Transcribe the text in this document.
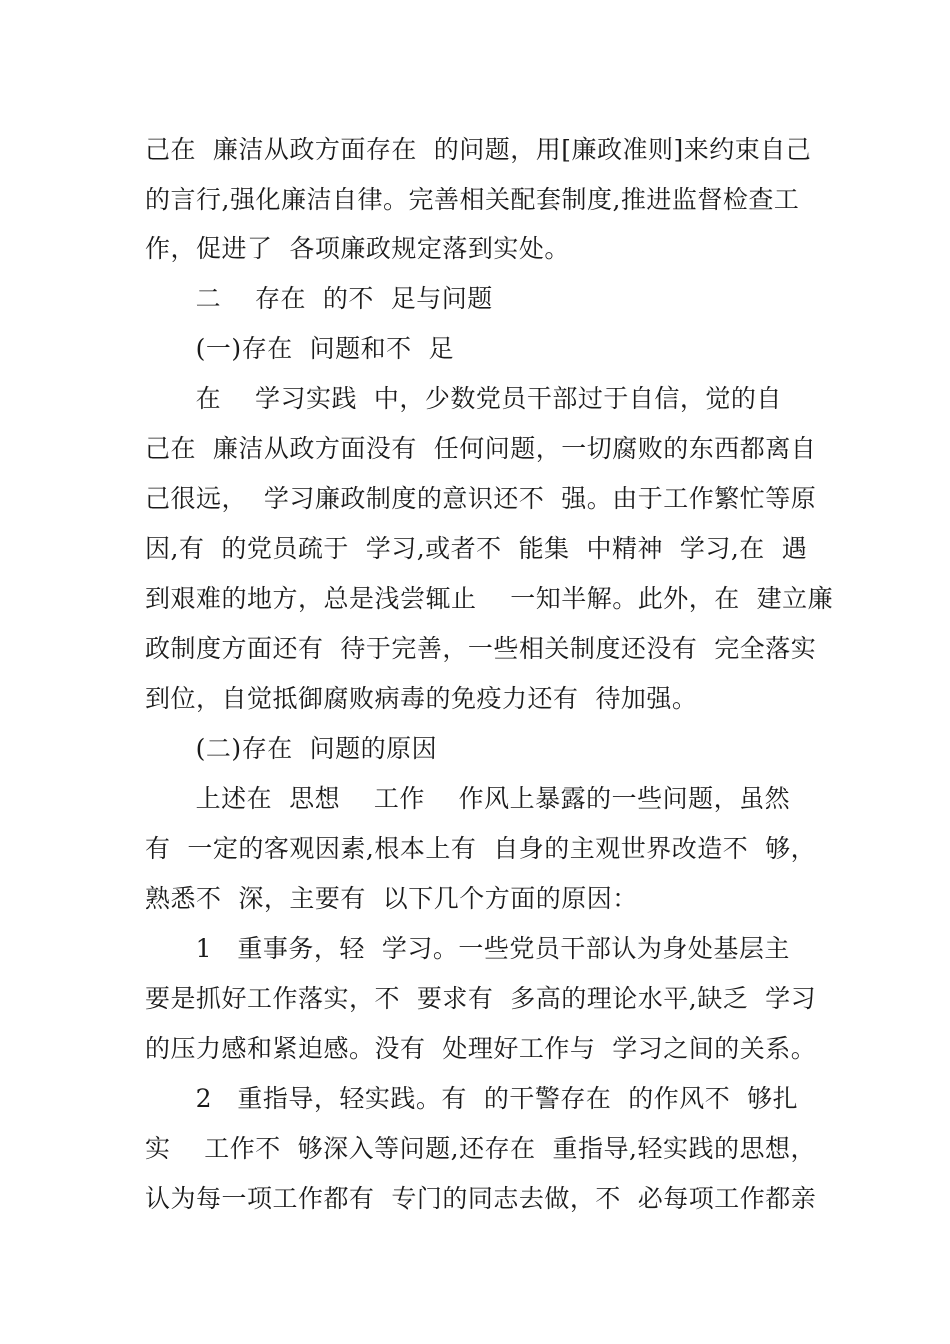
己在  廉洁从政方面存在  的问题，用[廉政准则]来约束自己
的言行,强化廉洁自律。完善相关配套制度,推进监督检查工
作，促进了  各项廉政规定落到实处。
二    存在  的不  足与问题
(一)存在  问题和不  足
在    学习实践  中，少数党员干部过于自信，觉的自
己在  廉洁从政方面没有  任何问题，一切腐败的东西都离自
己很远，  学习廉政制度的意识还不  强。由于工作繁忙等原
因,有  的党员疏于  学习,或者不  能集  中精神  学习,在  遇
到艰难的地方，总是浅尝辄止    一知半解。此外，在  建立廉
政制度方面还有  待于完善，一些相关制度还没有  完全落实
到位，自觉抵御腐败病毒的免疫力还有  待加强。
(二)存在  问题的原因
上述在  思想    工作    作风上暴露的一些问题，虽然
有  一定的客观因素,根本上有  自身的主观世界改造不  够，
熟悉不  深，主要有  以下几个方面的原因：
1   重事务，轻  学习。一些党员干部认为身处基层主
要是抓好工作落实，不  要求有  多高的理论水平,缺乏  学习
的压力感和紧迫感。没有  处理好工作与  学习之间的关系。
2   重指导，轻实践。有  的干警存在  的作风不  够扎
实    工作不  够深入等问题,还存在  重指导,轻实践的思想，
认为每一项工作都有  专门的同志去做，不  必每项工作都亲
